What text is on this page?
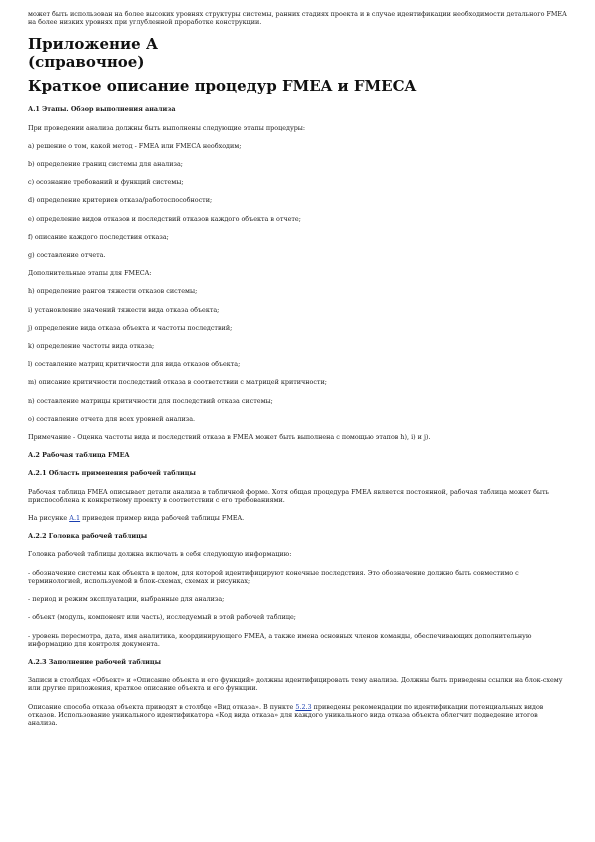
может быть использован на более высоких уровнях структуры системы, ранних стадиях проекта и в случае идентификации необходимости детального FMEA на более низких уровнях при углубленной проработке конструкции.

Приложение А
(справочное)
Краткое описание процедур FMEA и FMECA

А.1 Этапы. Обзор выполнения анализа

При проведении анализа должны быть выполнены следующие этапы процедуры:

a) решение о том, какой метод - FMEA или FMECA необходим;

b) определение границ системы для анализа;

c) осознание требований и функций системы;

d) определение критериев отказа/работоспособности;

e) определение видов отказов и последствий отказов каждого объекта в отчете;

f) описание каждого последствия отказа;

g) составление отчета.

Дополнительные этапы для FMECA:

h) определение рангов тяжести отказов системы;

i) установление значений тяжести вида отказа объекта;

j) определение вида отказа объекта и частоты последствий;

k) определение частоты вида отказа;

l) составление матриц критичности для вида отказов объекта;

m) описание критичности последствий отказа в соответствии с матрицей критичности;

n) составление матрицы критичности для последствий отказа системы;

o) составление отчета для всех уровней анализа.

Примечание - Оценка частоты вида и последствий отказа в FMEA может быть выполнена с помощью этапов h), i) и j).

А.2 Рабочая таблица FMEA

А.2.1 Область применения рабочей таблицы

Рабочая таблица FMEA описывает детали анализа в табличной форме. Хотя общая процедура FMEA является постоянной, рабочая таблица может быть приспособлена к конкретному проекту в соответствии с его требованиями.

На рисунке А.1 приведен пример вида рабочей таблицы FMEA.

А.2.2 Головка рабочей таблицы

Головка рабочей таблицы должна включать в себя следующую информацию:

- обозначение системы как объекта в целом, для которой идентифицируют конечные последствия. Это обозначение должно быть совместимо с терминологией, используемой в блок-схемах, схемах и рисунках;

- период и режим эксплуатации, выбранные для анализа;

- объект (модуль, компонент или часть), исследуемый в этой рабочей таблице;

- уровень пересмотра, дата, имя аналитика, координирующего FMEA, а также имена основных членов команды, обеспечивающих дополнительную информацию для контроля документа.

А.2.3 Заполнение рабочей таблицы

Записи в столбцах «Объект» и «Описание объекта и его функций» должны идентифицировать тему анализа. Должны быть приведены ссылки на блок-схему или другие приложения, краткое описание объекта и его функции.

Описание способа отказа объекта приводят в столбце «Вид отказа». В пункте 5.2.3 приведены рекомендации по идентификации потенциальных видов отказов. Использование уникального идентификатора «Код вида отказа» для каждого уникального вида отказа объекта облегчит подведение итогов анализа.
